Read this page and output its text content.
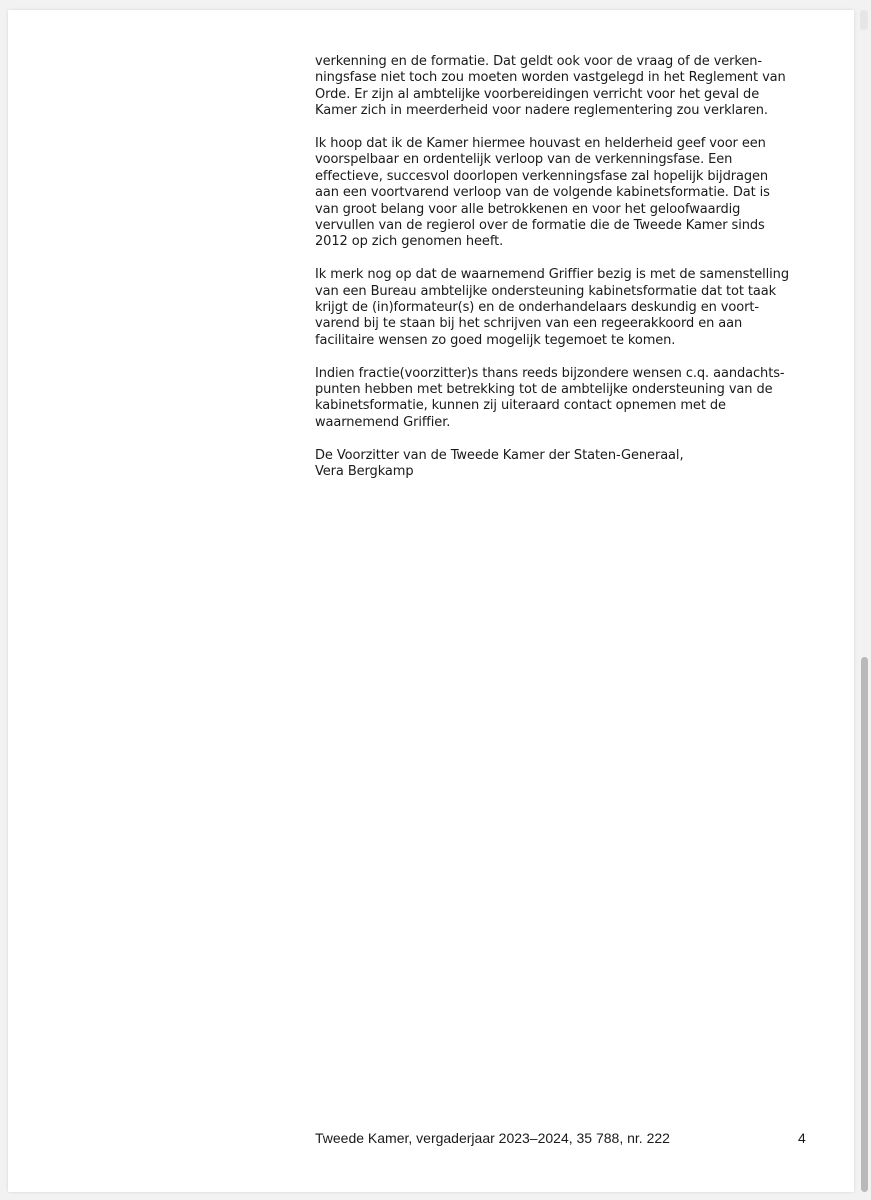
verkenning en de formatie. Dat geldt ook voor de vraag of de verken-
ningsfase niet toch zou moeten worden vastgelegd in het Reglement van
Orde. Er zijn al ambtelijke voorbereidingen verricht voor het geval de
Kamer zich in meerderheid voor nadere reglementering zou verklaren.

Ik hoop dat ik de Kamer hiermee houvast en helderheid geef voor een
voorspelbaar en ordentelijk verloop van de verkenningsfase. Een
effectieve, succesvol doorlopen verkenningsfase zal hopelijk bijdragen
aan een voortvarend verloop van de volgende kabinetsformatie. Dat is
van groot belang voor alle betrokkenen en voor het geloofwaardig
vervullen van de regierol over de formatie die de Tweede Kamer sinds
2012 op zich genomen heeft.

Ik merk nog op dat de waarnemend Griffier bezig is met de samenstelling
van een Bureau ambtelijke ondersteuning kabinetsformatie dat tot taak
krijgt de (in)formateur(s) en de onderhandelaars deskundig en voort-
varend bij te staan bij het schrijven van een regeerakkoord en aan
facilitaire wensen zo goed mogelijk tegemoet te komen.

Indien fractie(voorzitter)s thans reeds bijzondere wensen c.q. aandachts-
punten hebben met betrekking tot de ambtelijke ondersteuning van de
kabinetsformatie, kunnen zij uiteraard contact opnemen met de
waarnemend Griffier.

De Voorzitter van de Tweede Kamer der Staten-Generaal,
Vera Bergkamp

Tweede Kamer, vergaderjaar 2023–2024, 35 788, nr. 222	4
